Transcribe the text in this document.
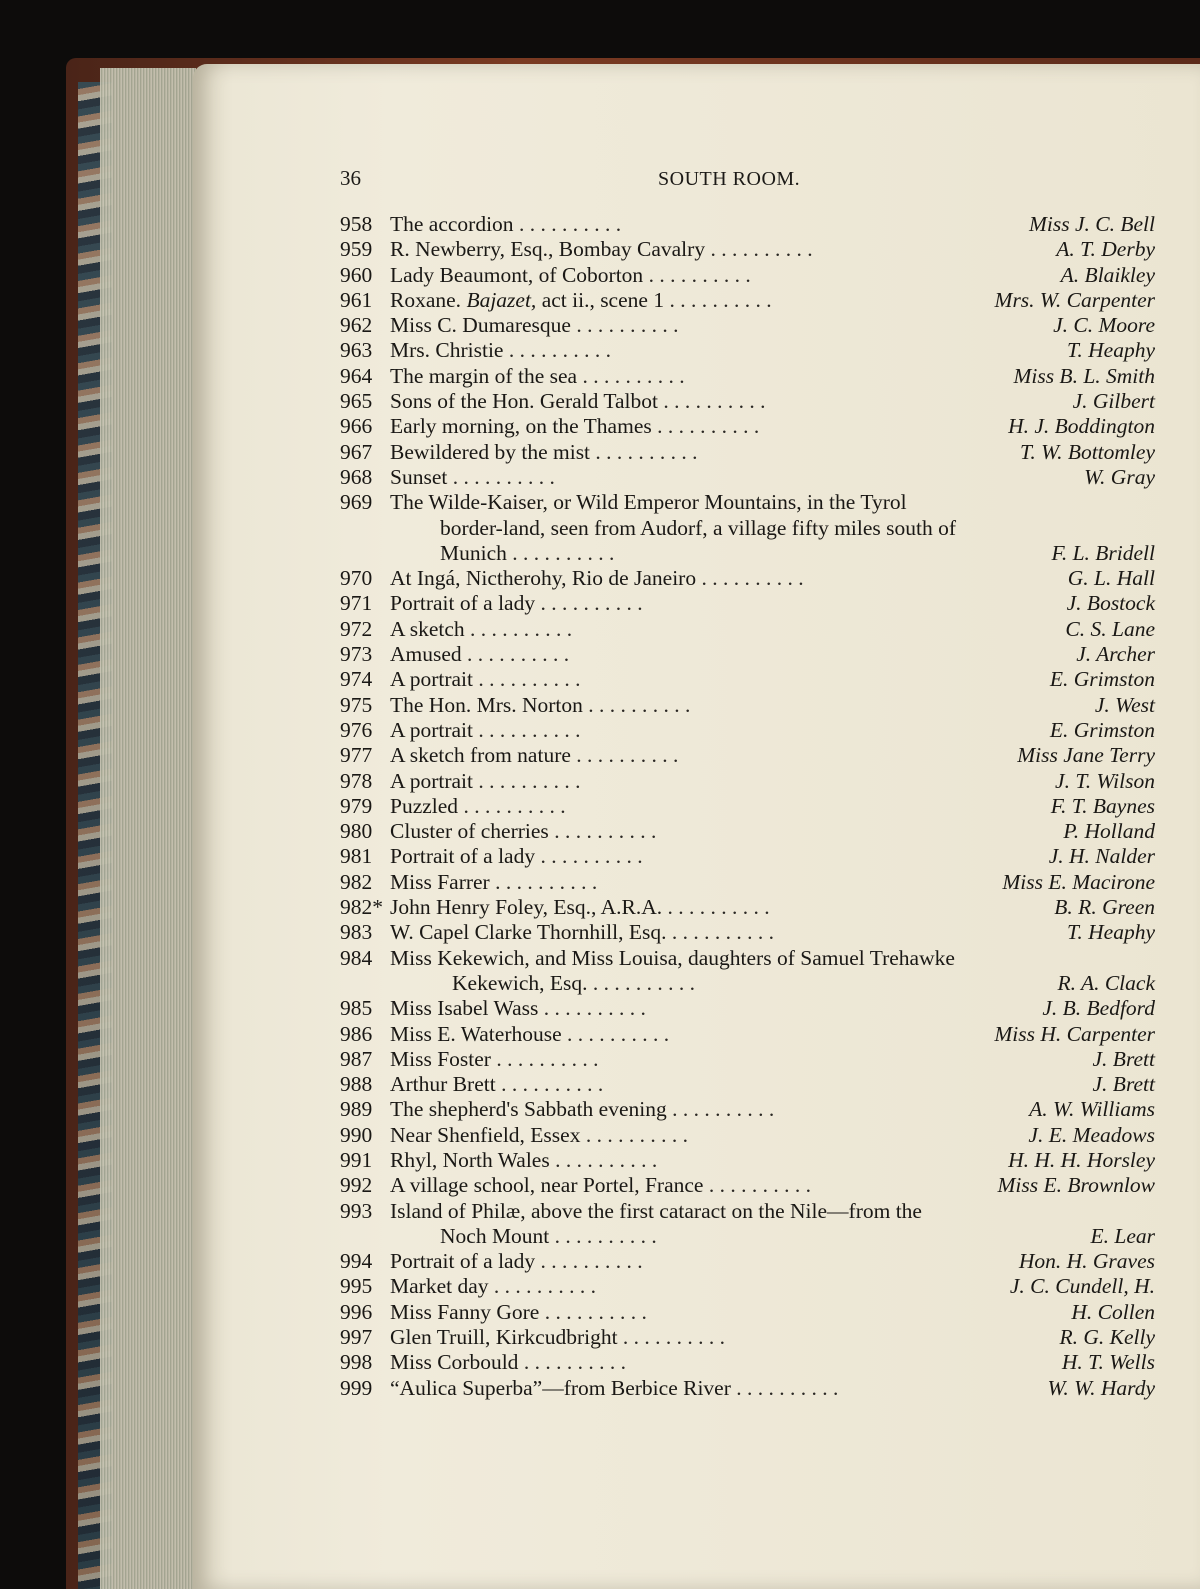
36	SOUTH ROOM.
958 The accordion . . . . . . . . . .	Miss J. C. Bell
959 R. Newberry, Esq., Bombay Cavalry . . . . . . . . . .	A. T. Derby
960 Lady Beaumont, of Coborton . . . . . . . . . .	A. Blaikley
961 Roxane. Bajazet, act ii., scene 1 . . . . . . . . . .	Mrs. W. Carpenter
962 Miss C. Dumaresque . . . . . . . . . .	J. C. Moore
963 Mrs. Christie . . . . . . . . . .	T. Heaphy
964 The margin of the sea . . . . . . . . . .	Miss B. L. Smith
965 Sons of the Hon. Gerald Talbot . . . . . . . . . .	J. Gilbert
966 Early morning, on the Thames . . . . . . . . . .	H. J. Boddington
967 Bewildered by the mist . . . . . . . . . .	T. W. Bottomley
968 Sunset . . . . . . . . . .	W. Gray
969 The Wilde-Kaiser, or Wild Emperor Mountains, in the Tyrol
border-land, seen from Audorf, a village fifty miles south of
Munich . . . . . . . . . .	F. L. Bridell
970 At Ingá, Nictherohy, Rio de Janeiro . . . . . . . . . .	G. L. Hall
971 Portrait of a lady . . . . . . . . . .	J. Bostock
972 A sketch . . . . . . . . . .	C. S. Lane
973 Amused . . . . . . . . . .	J. Archer
974 A portrait . . . . . . . . . .	E. Grimston
975 The Hon. Mrs. Norton . . . . . . . . . .	J. West
976 A portrait . . . . . . . . . .	E. Grimston
977 A sketch from nature . . . . . . . . . .	Miss Jane Terry
978 A portrait . . . . . . . . . .	J. T. Wilson
979 Puzzled . . . . . . . . . .	F. T. Baynes
980 Cluster of cherries . . . . . . . . . .	P. Holland
981 Portrait of a lady . . . . . . . . . .	J. H. Nalder
982 Miss Farrer . . . . . . . . . .	Miss E. Macirone
982* John Henry Foley, Esq., A.R.A. . . . . . . . . . .	B. R. Green
983 W. Capel Clarke Thornhill, Esq. . . . . . . . . . .	T. Heaphy
984 Miss Kekewich, and Miss Louisa, daughters of Samuel Trehawke
Kekewich, Esq. . . . . . . . . . .	R. A. Clack
985 Miss Isabel Wass . . . . . . . . . .	J. B. Bedford
986 Miss E. Waterhouse . . . . . . . . . .	Miss H. Carpenter
987 Miss Foster . . . . . . . . . .	J. Brett
988 Arthur Brett . . . . . . . . . .	J. Brett
989 The shepherd's Sabbath evening . . . . . . . . . .	A. W. Williams
990 Near Shenfield, Essex . . . . . . . . . .	J. E. Meadows
991 Rhyl, North Wales . . . . . . . . . .	H. H. H. Horsley
992 A village school, near Portel, France . . . . . . . . . .	Miss E. Brownlow
993 Island of Philæ, above the first cataract on the Nile—from the
Noch Mount . . . . . . . . . .	E. Lear
994 Portrait of a lady . . . . . . . . . .	Hon. H. Graves
995 Market day . . . . . . . . . .	J. C. Cundell, H.
996 Miss Fanny Gore . . . . . . . . . .	H. Collen
997 Glen Truill, Kirkcudbright . . . . . . . . . .	R. G. Kelly
998 Miss Corbould . . . . . . . . . .	H. T. Wells
999 “Aulica Superba”—from Berbice River . . . . . . . . . .	W. W. Hardy
